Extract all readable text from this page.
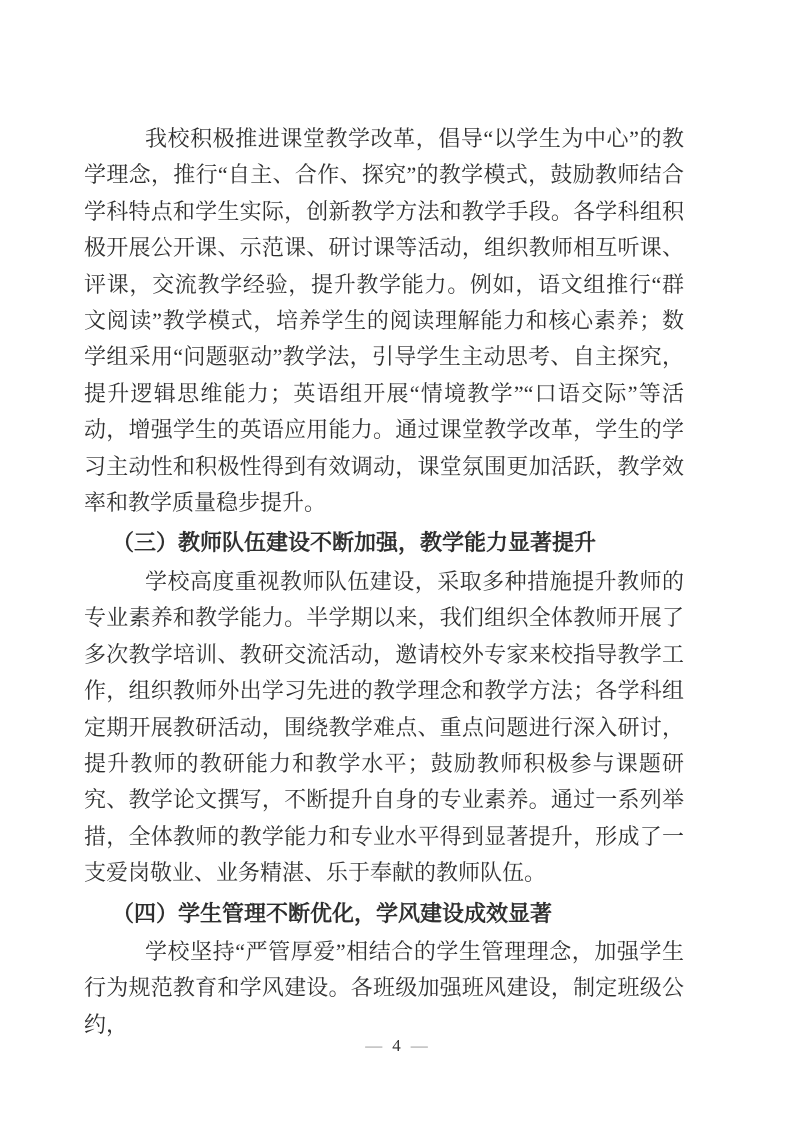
我校积极推进课堂教学改革，倡导“以学生为中心”的教学理念，推行“自主、合作、探究”的教学模式，鼓励教师结合学科特点和学生实际，创新教学方法和教学手段。各学科组积极开展公开课、示范课、研讨课等活动，组织教师相互听课、评课，交流教学经验，提升教学能力。例如，语文组推行“群文阅读”教学模式，培养学生的阅读理解能力和核心素养；数学组采用“问题驱动”教学法，引导学生主动思考、自主探究，提升逻辑思维能力；英语组开展“情境教学”“口语交际”等活动，增强学生的英语应用能力。通过课堂教学改革，学生的学习主动性和积极性得到有效调动，课堂氛围更加活跃，教学效率和教学质量稳步提升。

（三）教师队伍建设不断加强，教学能力显著提升

学校高度重视教师队伍建设，采取多种措施提升教师的专业素养和教学能力。半学期以来，我们组织全体教师开展了多次教学培训、教研交流活动，邀请校外专家来校指导教学工作，组织教师外出学习先进的教学理念和教学方法；各学科组定期开展教研活动，围绕教学难点、重点问题进行深入研讨，提升教师的教研能力和教学水平；鼓励教师积极参与课题研究、教学论文撰写，不断提升自身的专业素养。通过一系列举措，全体教师的教学能力和专业水平得到显著提升，形成了一支爱岗敬业、业务精湛、乐于奉献的教师队伍。

（四）学生管理不断优化，学风建设成效显著

学校坚持“严管厚爱”相结合的学生管理理念，加强学生行为规范教育和学风建设。各班级加强班风建设，制定班级公约，

— 4 —
